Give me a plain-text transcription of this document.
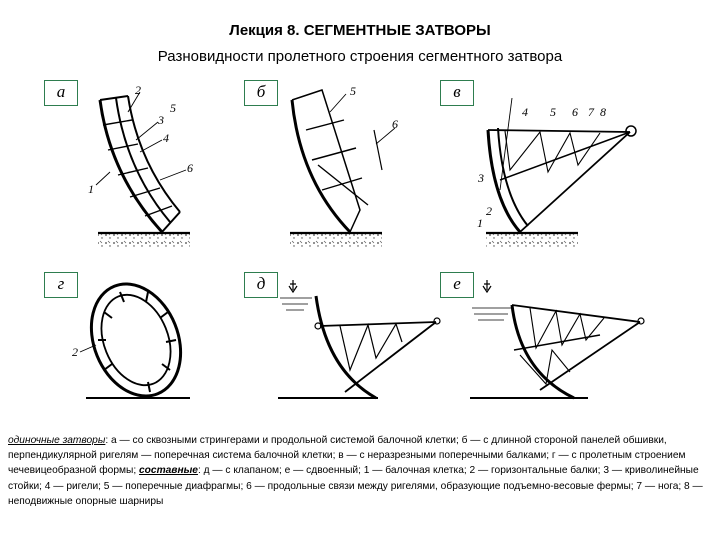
Лекция 8. СЕГМЕНТНЫЕ ЗАТВОРЫ
Разновидности пролетного строения сегментного затвора
1
2
3
4
5
6
5
6
3
2
1
4 5 6 7 8
2
а	б	в
г	д	е
одиночные затворы: а — со сквозными стрингерами и продольной системой балочной клетки; б — с длинной стороной панелей обшивки, перпендикулярной ригелям — поперечная система балочной клетки; в — с неразрезными поперечными балками; г — с пролетным строением чечевицеобразной формы; составные: д — с клапаном; е — сдвоенный; 1 — балочная клетка; 2 — горизонтальные балки; 3 — криволинейные стойки; 4 — ригели; 5 — поперечные диафрагмы; 6 — продольные связи между ригелями, образующие подъемно-весовые фермы; 7 — нога; 8 — неподвижные опорные шарниры
